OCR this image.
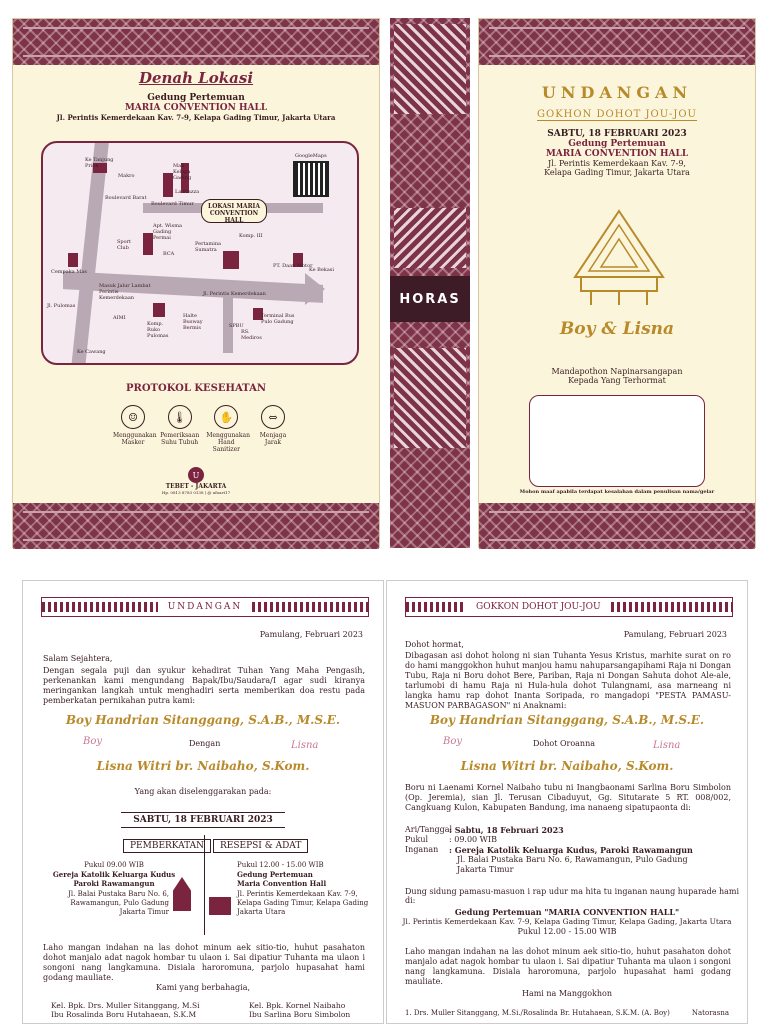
Denah Lokasi
Gedung Pertemuan
MARIA CONVENTION HALL
Jl. Perintis Kemerdekaan Kav. 7-9, Kelapa Gading Timur, Jakarta Utara
LOKASI MARIA CONVENTION HALL
GoogleMaps
Ke Tanjung Priok	Mall Kelapa Gading
La Piazza
Makro
Boulevard Barat
Boulevard Timur
Sport Club
Apt. Wisma Gading Permai
BCA
Pertamina Sumatra
Komp. III
Cempaka Mas
PT. Daan Motor
Ke Bekasi
Masuk Jalur Lambat Perintis Kemerdekaan
Jl. Perintis Kemerdekaan
AIMI
Komp. Ruko Pulomas
Halte Busway Bermis	SPBU
RS. Mediros
Terminal Bus Pulo Gadung
Ke Cawang
Jl. Pulomas
PROTOKOL KESEHATAN
☺
Menggunakan Masker
🌡
Pemeriksaan Suhu Tubuh
✋
Menggunakan Hand Sanitizer
⇔
Menjaga Jarak
U
TEBET - JAKARTA
Hp. 0813 8783 0138 | @ ufoart17
HORAS
UNDANGAN
GOKHON DOHOT JOU-JOU
SABTU, 18 FEBRUARI 2023
Gedung Pertemuan
MARIA CONVENTION HALL
Jl. Perintis Kemerdekaan Kav. 7-9,
Kelapa Gading Timur, Jakarta Utara
Boy & Lisna
Mandapothon Napinarsangapan
Kepada Yang Terhormat
Mohon maaf apabila terdapat kesalahan dalam penulisan nama/gelar
UNDANGAN
Pamulang, Februari 2023
Salam Sejahtera,
Dengan segala puji dan syukur kehadirat Tuhan Yang Maha Pengasih, perkenankan kami mengundang Bapak/Ibu/Saudara/I agar sudi kiranya meringankan langkah untuk menghadiri serta memberikan doa restu pada pemberkatan pernikahan putra kami:
Boy Handrian Sitanggang, S.A.B., M.S.E.
Boy	Dengan	Lisna
Lisna Witri br. Naibaho, S.Kom.
Yang akan diselenggarakan pada:
SABTU, 18 FEBRUARI 2023
PEMBERKATAN	RESEPSI & ADAT
Pukul 09.00 WIB
Gereja Katolik Keluarga Kudus
Paroki Rawamangun
Jl. Balai Pustaka Baru No. 6,
Rawamangun, Pulo Gadung
Jakarta Timur
Pukul 12.00 - 15.00 WIB
Gedung Pertemuan
Maria Convention Hall
Jl. Perintis Kemerdekaan Kav. 7-9,
Kelapa Gading Timur, Kelapa Gading
Jakarta Utara
Laho mangan indahan na las dohot minum aek sitio-tio, huhut pasahaton dohot manjalo adat nagok hombar tu ulaon i. Sai dipatiur Tuhanta ma ulaon i songoni nang langkamuna. Disiala haroromuna, parjolo hupasahat hami godang mauliate.
Kami yang berbahagia,
Kel. Bpk. Drs. Muller Sitanggang, M.Si
Ibu Rosalinda Boru Hutahaean, S.K.M
Kel. Bpk. Kornel Naibaho
Ibu Sarlina Boru Simbolon
GOKKON DOHOT JOU-JOU
Pamulang, Februari 2023
Dohot hormat,
Dibagasan asi dohot holong ni sian Tuhanta Yesus Kristus, marhite surat on ro do hami manggokhon huhut manjou hamu nahuparsangapihami Raja ni Dongan Tubu, Raja ni Boru dohot Bere, Pariban, Raja ni Dongan Sahuta dohot Ale-ale, tarlumobi di hamu Raja ni Hula-hula dohot Tulangnami, asa marneang ni langka hamu rap dohot Inanta Soripada, ro mangadopi "PESTA PAMASU-MASUON PARBAGASON" ni Anaknami:
Boy Handrian Sitanggang, S.A.B., M.S.E.
Boy	Dohot Oroanna	Lisna
Lisna Witri br. Naibaho, S.Kom.
Boru ni Laenami Kornel Naibaho tubu ni Inangbaonami Sarlina Boru Simbolon (Op. Jeremia), sian Jl. Terusan Cibaduyut, Gg. Situtarate 5 RT. 008/002, Cangkuang Kulon, Kabupaten Bandung, ima nanaeng sipatupaonta di:
Ari/Tanggal
: Sabtu, 18 Februari 2023
Pukul	: 09.00 WIB
Inganan	: Gereja Katolik Keluarga Kudus, Paroki Rawamangun
Jl. Balai Pustaka Baru No. 6, Rawamangun, Pulo Gadung
Jakarta Timur
Dung sidung pamasu-masuon i rap udur ma hita tu inganan naung huparade hami di:
Gedung Pertemuan "MARIA CONVENTION HALL"
Jl. Perintis Kemerdekaan Kav. 7-9, Kelapa Gading Timur, Kelapa Gading, Jakarta Utara
Pukul 12.00 - 15.00 WIB
Laho mangan indahan na las dohot minum aek sitio-tio, huhut pasahaton dohot manjalo adat nagok hombar tu ulaon i. Sai dipatiur Tuhanta ma ulaon i songoni nang langkamuna. Disiala haroromuna, parjolo hupasahat hami godang mauliate.
Hami na Manggokhon
1. Drs. Muller Sitanggang, M.Si./Rosalinda Br. Hutahaean, S.K.M. (A. Boy)	Natorasna
